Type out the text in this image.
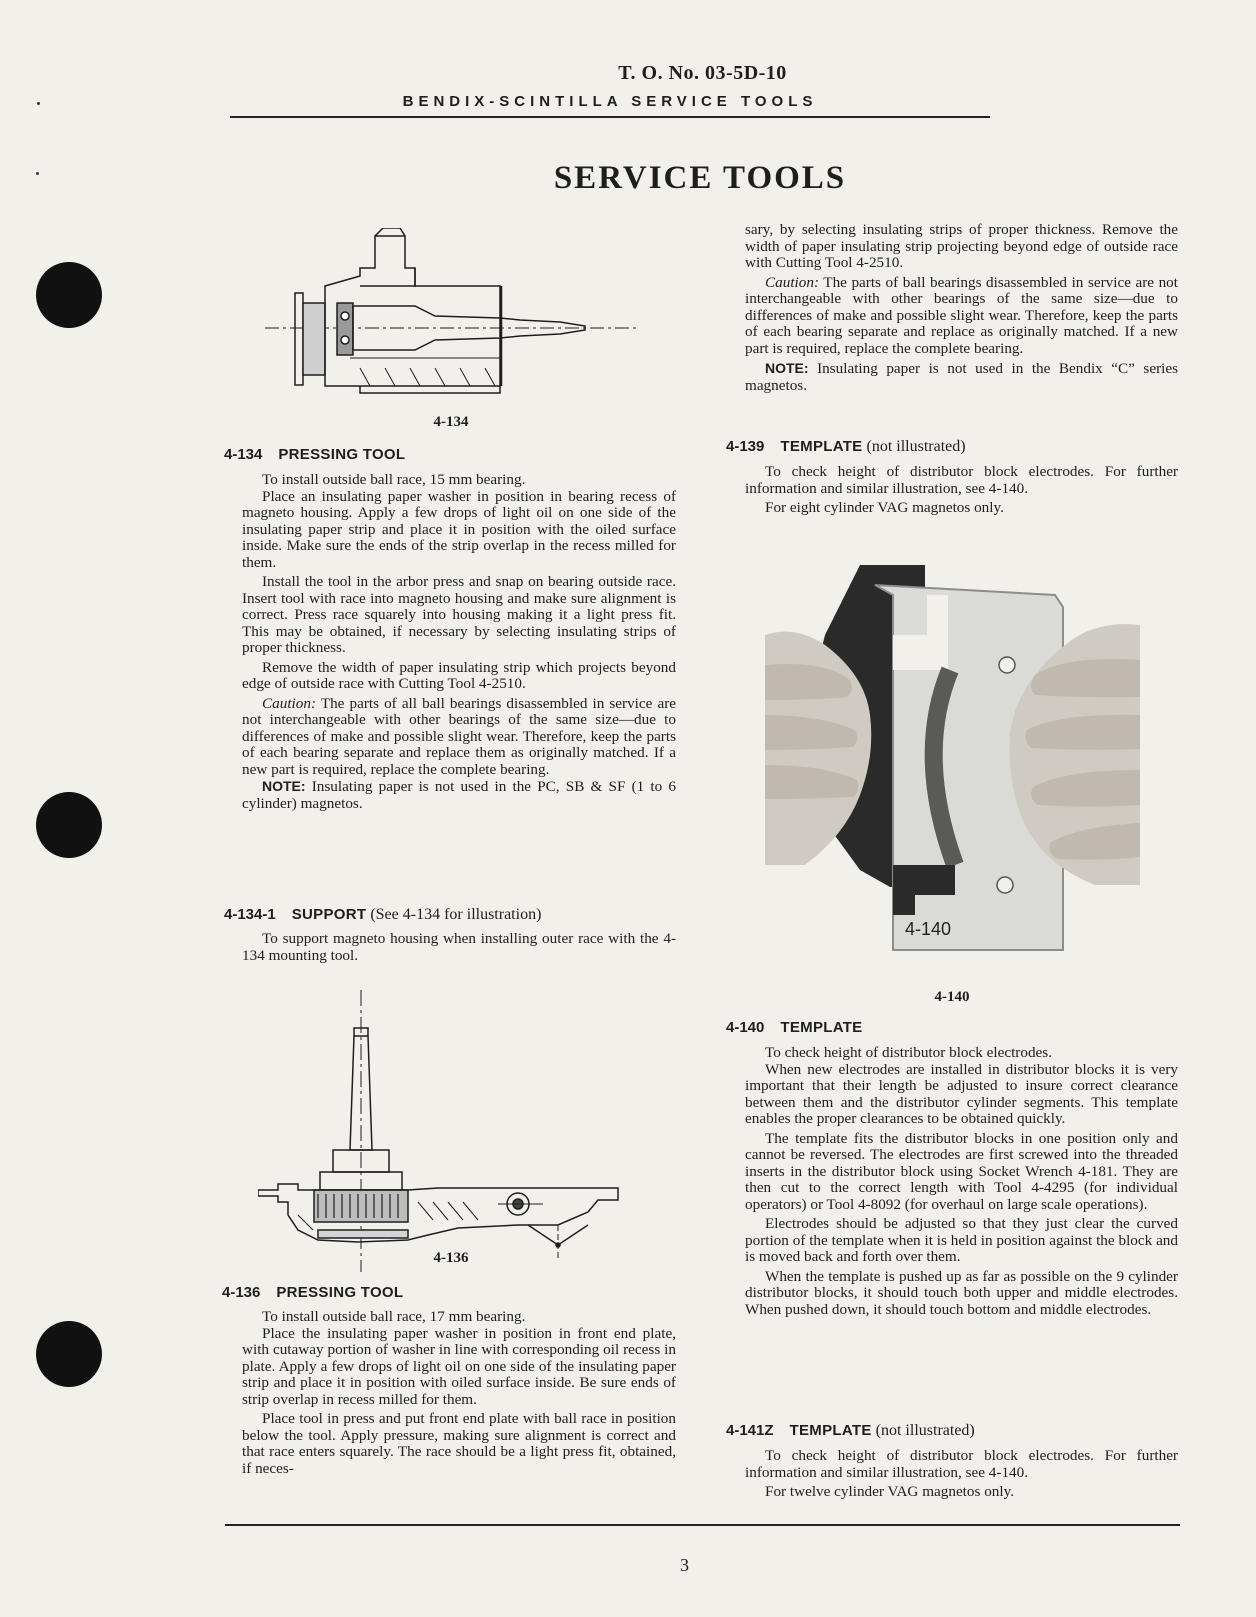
T. O. No. 03-5D-10
BENDIX-SCINTILLA SERVICE TOOLS
SERVICE TOOLS
4-134
4-134 PRESSING TOOL

To install outside ball race, 15 mm bearing.

Place an insulating paper washer in position in bearing recess of magneto housing. Apply a few drops of light oil on one side of the insulating paper strip and place it in position with the oiled surface inside. Make sure the ends of the strip overlap in the recess milled for them.

Install the tool in the arbor press and snap on bearing outside race. Insert tool with race into magneto housing and make sure alignment is correct. Press race squarely into housing making it a light press fit. This may be obtained, if necessary by selecting insulating strips of proper thickness.

Remove the width of paper insulating strip which projects beyond edge of outside race with Cutting Tool 4-2510.

Caution: The parts of all ball bearings disassembled in service are not interchangeable with other bearings of the same size—due to differences of make and possible slight wear. Therefore, keep the parts of each bearing separate and replace them as originally matched. If a new part is required, replace the complete bearing.

NOTE: Insulating paper is not used in the PC, SB & SF (1 to 6 cylinder) magnetos.

4-134-1 SUPPORT (See 4-134 for illustration)

To support magneto housing when installing outer race with the 4-134 mounting tool.

4-136
4-136 PRESSING TOOL

To install outside ball race, 17 mm bearing.

Place the insulating paper washer in position in front end plate, with cutaway portion of washer in line with corresponding oil recess in plate. Apply a few drops of light oil on one side of the insulating paper strip and place it in position with oiled surface inside. Be sure ends of strip overlap in recess milled for them.

Place tool in press and put front end plate with ball race in position below the tool. Apply pressure, making sure alignment is correct and that race enters squarely. The race should be a light press fit, obtained, if neces-

sary, by selecting insulating strips of proper thickness. Remove the width of paper insulating strip projecting beyond edge of outside race with Cutting Tool 4-2510.

Caution: The parts of ball bearings disassembled in service are not interchangeable with other bearings of the same size—due to differences of make and possible slight wear. Therefore, keep the parts of each bearing separate and replace as originally matched. If a new part is required, replace the complete bearing.

NOTE: Insulating paper is not used in the Bendix “C” series magnetos.

4-139 TEMPLATE (not illustrated)

To check height of distributor block electrodes. For further information and similar illustration, see 4-140.

For eight cylinder VAG magnetos only.

4-140
4-140
4-140 TEMPLATE

To check height of distributor block electrodes.

When new electrodes are installed in distributor blocks it is very important that their length be adjusted to insure correct clearance between them and the distributor cylinder segments. This template enables the proper clearances to be obtained quickly.

The template fits the distributor blocks in one position only and cannot be reversed. The electrodes are first screwed into the threaded inserts in the distributor block using Socket Wrench 4-181. They are then cut to the correct length with Tool 4-4295 (for individual operators) or Tool 4-8092 (for overhaul on large scale operations).

Electrodes should be adjusted so that they just clear the curved portion of the template when it is held in position against the block and is moved back and forth over them.

When the template is pushed up as far as possible on the 9 cylinder distributor blocks, it should touch both upper and middle electrodes. When pushed down, it should touch bottom and middle electrodes.

4-141Z TEMPLATE (not illustrated)

To check height of distributor block electrodes. For further information and similar illustration, see 4-140.

For twelve cylinder VAG magnetos only.

3
